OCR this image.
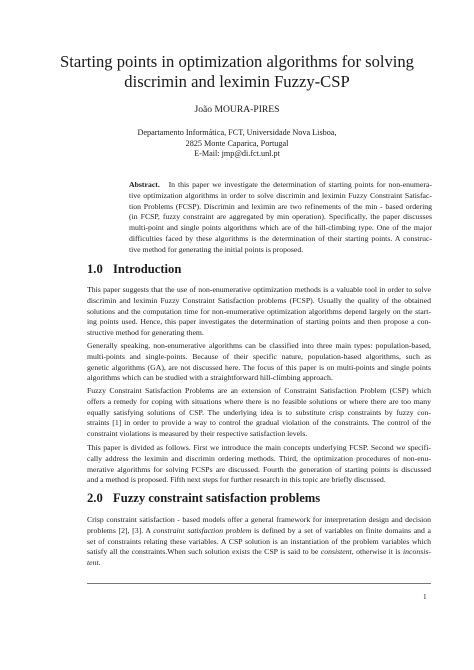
Starting points in optimization algorithms for solving
discrimin and leximin Fuzzy-CSP
João MOURA-PIRES
Departamento Informática, FCT, Universidade Nova Lisboa,
2825 Monte Caparica, Portugal
E-Mail: jmp@di.fct.unl.pt
Abstract. In this paper we investigate the determination of starting points for non-enumera-
tive optimization algorithms in order to solve discrimin and leximin Fuzzy Constraint Satisfac-
tion Problems (FCSP). Discrimin and leximin are two refinements of the min - based ordering
(in FCSP, fuzzy constraint are aggregated by min operation). Specifically, the paper discusses
multi-point and single points algorithms which are of the hill-climbing type. One of the major
difficulties faced by these algorithms is the determination of their starting points. A construc-
tive method for generating the initial points is proposed.
1.0 Introduction
This paper suggests that the use of non-enumerative optimization methods is a valuable tool in order to solve
discrimin and leximin Fuzzy Constraint Satisfaction problems (FCSP). Usually the quality of the obtained
solutions and the computation time for non-enumerative optimization algorithms depend largely on the start-
ing points used. Hence, this paper investigates the determination of starting points and then propose a con-
structive method for generating them.
Generally speaking, non-enumerative algorithms can be classified into three main types: population-based,
multi-points and single-points. Because of their specific nature, population-based algorithms, such as
genetic algorithms (GA), are not discussed here. The focus of this paper is on multi-points and single points
algorithms which can be studied with a straightforward hill-climbing approach.
Fuzzy Constraint Satisfaction Problems are an extension of Constraint Satisfaction Problem (CSP) which
offers a remedy for coping with situations where there is no feasible solutions or where there are too many
equally satisfying solutions of CSP. The underlying idea is to substitute crisp constraints by fuzzy con-
straints [1] in order to provide a way to control the gradual violation of the constraints. The control of the
constraint violations is measured by their respective satisfaction levels.
This paper is divided as follows. First we introduce the main concepts underlying FCSP. Second we specifi-
cally address the leximin and discrimin ordering methods. Third, the optimization procedures of non-enu-
merative algorithms for solving FCSPs are discussed. Fourth the generation of starting points is discussed
and a method is proposed. Fifth next steps for further research in this topic are briefly discussed.
2.0 Fuzzy constraint satisfaction problems
Crisp constraint satisfaction - based models offer a general framework for interpretation design and decision
problems [2], [3]. A constraint satisfaction problem is defined by a set of variables on finite domains and a
set of constraints relating these variables. A CSP solution is an instantiation of the problem variables which
satisfy all the constraints.When such solution exists the CSP is said to be consistent, otherwise it is inconsis-
tent.
1
